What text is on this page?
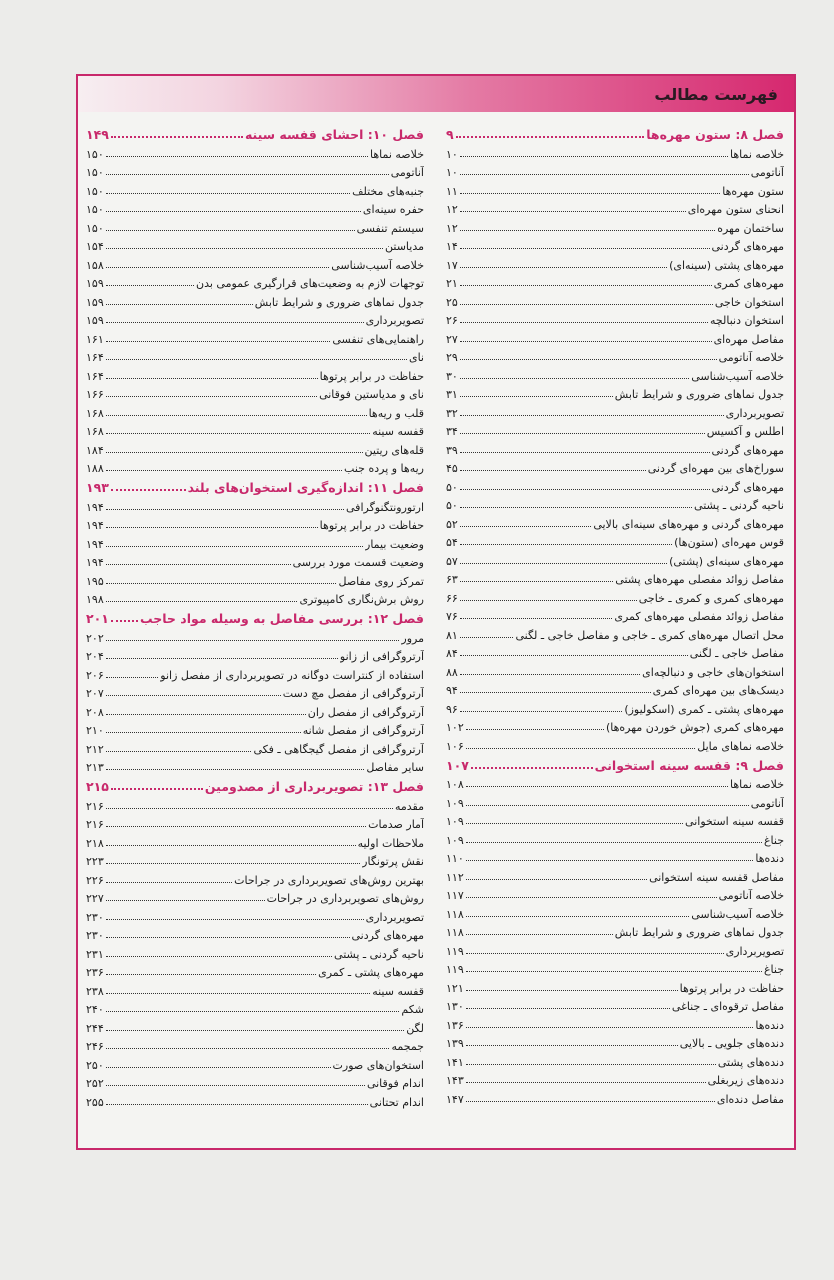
فهرست مطالب
فصل ۸: ستون مهره‌ها
۹
خلاصه نماها
۱۰
آناتومی
۱۰
ستون مهره‌ها
۱۱
انحنای ستون مهره‌ای
۱۲
ساختمان مهره
۱۲
مهره‌های گردنی
۱۴
مهره‌های پشتی (سینه‌ای)
۱۷
مهره‌های کمری
۲۱
استخوان خاجی
۲۵
استخوان دنبالچه
۲۶
مفاصل مهره‌ای
۲۷
خلاصه آناتومی
۲۹
خلاصه آسیب‌شناسی
۳۰
جدول نماهای ضروری و شرایط تابش
۳۱
تصویربرداری
۳۲
اطلس و آکسیس
۳۴
مهره‌های گردنی
۳۹
سوراخ‌های بین مهره‌ای گردنی
۴۵
مهره‌های گردنی
۵۰
ناحیه گردنی ـ پشتی
۵۰
مهره‌های گردنی و مهره‌های سینه‌ای بالایی
۵۲
قوس مهره‌ای (ستون‌ها)
۵۴
مهره‌های سینه‌ای (پشتی)
۵۷
مفاصل زوائد مفصلی مهره‌های پشتی
۶۳
مهره‌های کمری و کمری ـ خاجی
۶۶
مفاصل زوائد مفصلی مهره‌های کمری
۷۶
محل اتصال مهره‌های کمری ـ خاجی و مفاصل خاجی ـ لگنی
۸۱
مفاصل خاجی ـ لگنی
۸۴
استخوان‌های خاجی و دنبالچه‌ای
۸۸
دیسک‌های بین مهره‌ای کمری
۹۴
مهره‌های پشتی ـ کمری (اسکولیوز)
۹۶
مهره‌های کمری (جوش خوردن مهره‌ها)
۱۰۲
خلاصه نماهای مایل
۱۰۶
فصل ۹: قفسه سینه استخوانی
۱۰۷
خلاصه نماها
۱۰۸
آناتومی
۱۰۹
قفسه سینه استخوانی
۱۰۹
جناغ
۱۰۹
دنده‌ها
۱۱۰
مفاصل قفسه سینه استخوانی
۱۱۲
خلاصه آناتومی
۱۱۷
خلاصه آسیب‌شناسی
۱۱۸
جدول نماهای ضروری و شرایط تابش
۱۱۸
تصویربرداری
۱۱۹
جناغ
۱۱۹
حفاظت در برابر پرتوها
۱۲۱
مفاصل ترقوه‌ای ـ جناغی
۱۳۰
دنده‌ها
۱۳۶
دنده‌های جلویی ـ بالایی
۱۳۹
دنده‌های پشتی
۱۴۱
دنده‌های زیربغلی
۱۴۳
مفاصل دنده‌ای
۱۴۷
فصل ۱۰: احشای قفسه سینه
۱۴۹
خلاصه نماها
۱۵۰
آناتومی
۱۵۰
جنبه‌های مختلف
۱۵۰
حفره سینه‌ای
۱۵۰
سیستم تنفسی
۱۵۰
مدیاستن
۱۵۴
خلاصه آسیب‌شناسی
۱۵۸
توجهات لازم به وضعیت‌های قرارگیری عمومی بدن
۱۵۹
جدول نماهای ضروری و شرایط تابش
۱۵۹
تصویربرداری
۱۵۹
راهنمایی‌های تنفسی
۱۶۱
نای
۱۶۴
حفاظت در برابر پرتوها
۱۶۴
نای و مدیاستین فوقانی
۱۶۶
قلب و ریه‌ها
۱۶۸
قفسه سینه
۱۶۸
قله‌های ریتین
۱۸۴
ریه‌ها و پرده جنب
۱۸۸
فصل ۱۱: اندازه‌گیری استخوان‌های بلند
۱۹۳
ارتورونتگنوگرافی
۱۹۴
حفاظت در برابر پرتوها
۱۹۴
وضعیت بیمار
۱۹۴
وضعیت قسمت مورد بررسی
۱۹۴
تمرکز روی مفاصل
۱۹۵
روش برش‌نگاری کامپیوتری
۱۹۸
فصل ۱۲: بررسی مفاصل به وسیله مواد حاجب
۲۰۱
مرور
۲۰۲
آرتروگرافی از زانو
۲۰۴
استفاده از کنتراست دوگانه در تصویربرداری از مفصل زانو
۲۰۶
آرتروگرافی از مفصل مچ دست
۲۰۷
آرتروگرافی از مفصل ران
۲۰۸
آرتروگرافی از مفصل شانه
۲۱۰
آرتروگرافی از مفصل گیجگاهی ـ فکی
۲۱۲
سایر مفاصل
۲۱۳
فصل ۱۳: تصویربرداری از مصدومین
۲۱۵
مقدمه
۲۱۶
آمار صدمات
۲۱۶
ملاحظات اولیه
۲۱۸
نقش پرتونگار
۲۲۳
بهترین روش‌های تصویربرداری در جراحات
۲۲۶
روش‌های تصویربرداری در جراحات
۲۲۷
تصویربرداری
۲۳۰
مهره‌های گردنی
۲۳۰
ناحیه گردنی ـ پشتی
۲۳۱
مهره‌های پشتی ـ کمری
۲۳۶
قفسه سینه
۲۳۸
شکم
۲۴۰
لگن
۲۴۴
جمجمه
۲۴۶
استخوان‌های صورت
۲۵۰
اندام فوقانی
۲۵۲
اندام تحتانی
۲۵۵
